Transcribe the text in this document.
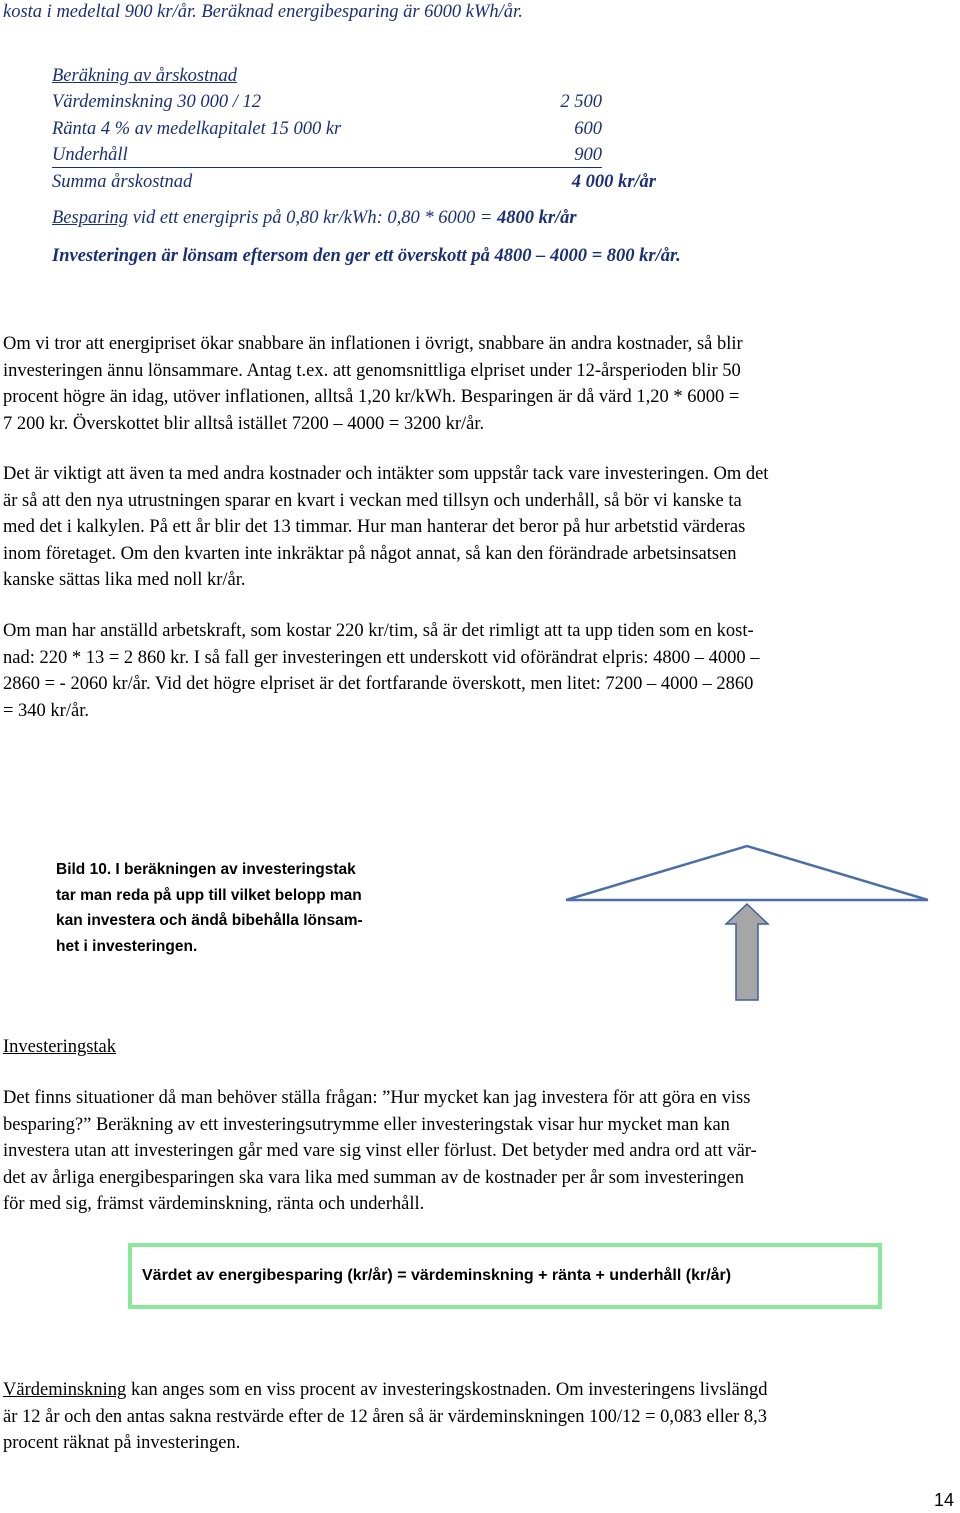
kosta i medeltal 900 kr/år. Beräknad energibesparing är 6000 kWh/år.
Beräkning av årskostnad
Värdeminskning 30 000 / 12	2 500
Ränta 4 % av medelkapitalet 15 000 kr	600
Underhåll	900
Summa årskostnad	4 000 kr/år
Besparing vid ett energipris på 0,80 kr/kWh: 0,80 * 6000 = 4800 kr/år
Investeringen är lönsam eftersom den ger ett överskott på 4800 – 4000 = 800 kr/år.
Om vi tror att energipriset ökar snabbare än inflationen i övrigt, snabbare än andra kostnader, så blir
investeringen ännu lönsammare. Antag t.ex. att genomsnittliga elpriset under 12-årsperioden blir 50
procent högre än idag, utöver inflationen, alltså 1,20 kr/kWh. Besparingen är då värd 1,20 * 6000 =
7 200 kr. Överskottet blir alltså istället 7200 – 4000 = 3200 kr/år.
Det är viktigt att även ta med andra kostnader och intäkter som uppstår tack vare investeringen. Om det
är så att den nya utrustningen sparar en kvart i veckan med tillsyn och underhåll, så bör vi kanske ta
med det i kalkylen. På ett år blir det 13 timmar. Hur man hanterar det beror på hur arbetstid värderas
inom företaget. Om den kvarten inte inkräktar på något annat, så kan den förändrade arbetsinsatsen
kanske sättas lika med noll kr/år.
Om man har anställd arbetskraft, som kostar 220 kr/tim, så är det rimligt att ta upp tiden som en kost-
nad: 220 * 13 = 2 860 kr. I så fall ger investeringen ett underskott vid oförändrat elpris: 4800 – 4000 –
2860 = - 2060 kr/år. Vid det högre elpriset är det fortfarande överskott, men litet: 7200 – 4000 – 2860
= 340 kr/år.
Bild 10. I beräkningen av investeringstak
tar man reda på upp till vilket belopp man
kan investera och ändå bibehålla lönsam-
het i investeringen.
Investeringstak
Det finns situationer då man behöver ställa frågan: ”Hur mycket kan jag investera för att göra en viss
besparing?” Beräkning av ett investeringsutrymme eller investeringstak visar hur mycket man kan
investera utan att investeringen går med vare sig vinst eller förlust. Det betyder med andra ord att vär-
det av årliga energibesparingen ska vara lika med summan av de kostnader per år som investeringen
för med sig, främst värdeminskning, ränta och underhåll.
Värdet av energibesparing (kr/år) = värdeminskning + ränta + underhåll (kr/år)
Värdeminskning kan anges som en viss procent av investeringskostnaden. Om investeringens livslängd
är 12 år och den antas sakna restvärde efter de 12 åren så är värdeminskningen 100/12 = 0,083 eller 8,3
procent räknat på investeringen.
14
